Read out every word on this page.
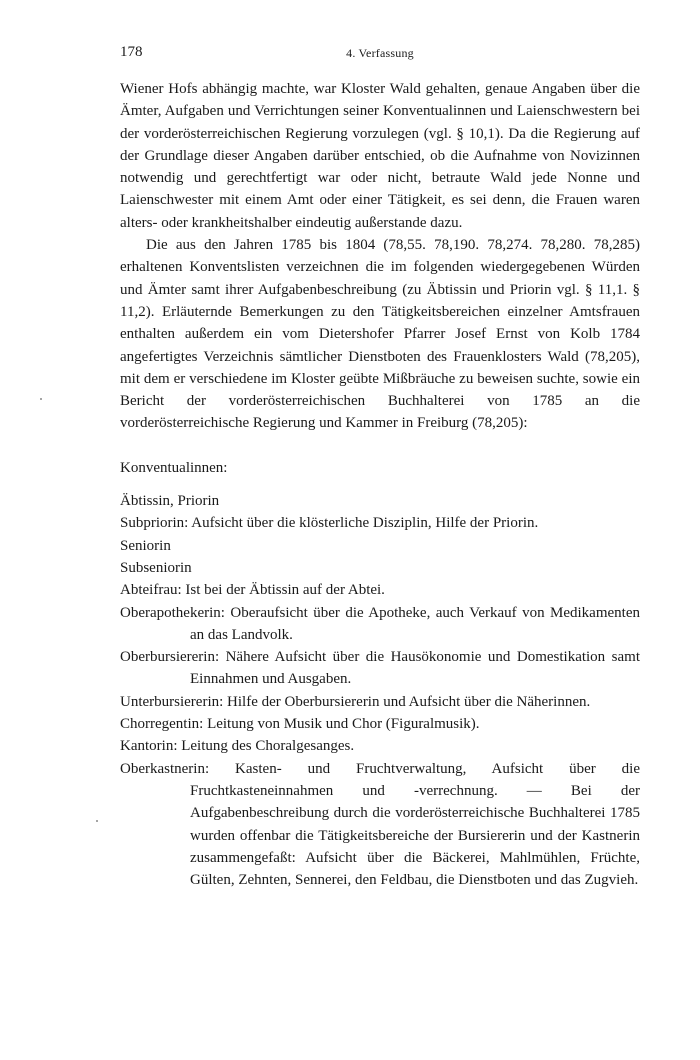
178	4. Verfassung

Wiener Hofs abhängig machte, war Kloster Wald gehalten, genaue Angaben über die Ämter, Aufgaben und Verrichtungen seiner Konventualinnen und Laienschwestern bei der vorderösterreichischen Regierung vorzulegen (vgl. § 10,1). Da die Regierung auf der Grundlage dieser Angaben darüber entschied, ob die Aufnahme von Novizinnen notwendig und gerechtfertigt war oder nicht, betraute Wald jede Nonne und Laienschwester mit einem Amt oder einer Tätigkeit, es sei denn, die Frauen waren alters- oder krankheitshalber eindeutig außerstande dazu.

Die aus den Jahren 1785 bis 1804 (78,55. 78,190. 78,274. 78,280. 78,285) erhaltenen Konventslisten verzeichnen die im folgenden wiedergegebenen Würden und Ämter samt ihrer Aufgabenbeschreibung (zu Äbtissin und Priorin vgl. § 11,1. § 11,2). Erläuternde Bemerkungen zu den Tätigkeitsbereichen einzelner Amtsfrauen enthalten außerdem ein vom Dietershofer Pfarrer Josef Ernst von Kolb 1784 angefertigtes Verzeichnis sämtlicher Dienstboten des Frauenklosters Wald (78,205), mit dem er verschiedene im Kloster geübte Mißbräuche zu beweisen suchte, sowie ein Bericht der vorderösterreichischen Buchhalterei von 1785 an die vorderösterreichische Regierung und Kammer in Freiburg (78,205):

Konventualinnen:
Äbtissin, Priorin
Subpriorin: Aufsicht über die klösterliche Disziplin, Hilfe der Priorin.
Seniorin
Subseniorin
Abteifrau: Ist bei der Äbtissin auf der Abtei.
Oberapothekerin: Oberaufsicht über die Apotheke, auch Verkauf von Medikamenten an das Landvolk.
Oberbursiererin: Nähere Aufsicht über die Hausökonomie und Domestikation samt Einnahmen und Ausgaben.
Unterbursiererin: Hilfe der Oberbursiererin und Aufsicht über die Näherinnen.
Chorregentin: Leitung von Musik und Chor (Figuralmusik).
Kantorin: Leitung des Choralgesanges.
Oberkastnerin: Kasten- und Fruchtverwaltung, Aufsicht über die Fruchtkasteneinnahmen und -verrechnung. — Bei der Aufgabenbeschreibung durch die vorderösterreichische Buchhalterei 1785 wurden offenbar die Tätigkeitsbereiche der Bursiererin und der Kastnerin zusammengefaßt: Aufsicht über die Bäckerei, Mahlmühlen, Früchte, Gülten, Zehnten, Sennerei, den Feldbau, die Dienstboten und das Zugvieh.
